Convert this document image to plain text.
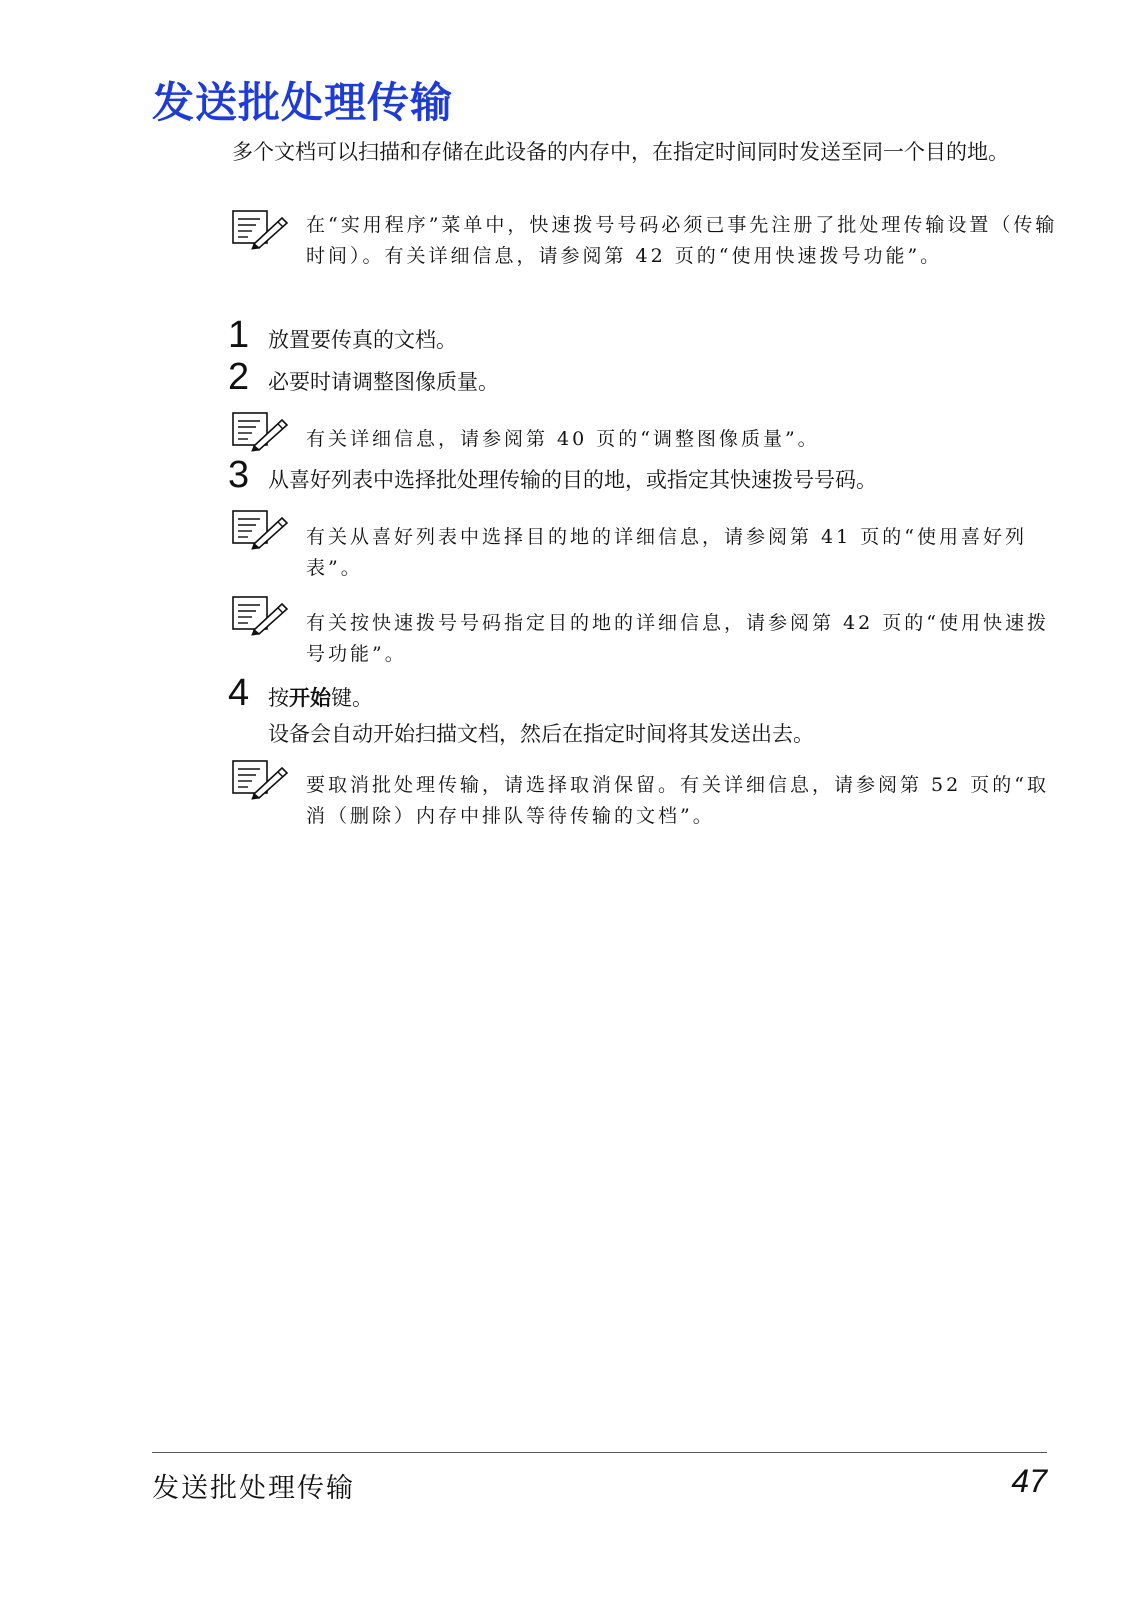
发送批处理传输
多个文档可以扫描和存储在此设备的内存中，在指定时间同时发送至同一个目的地。
在“实用程序”菜单中，快速拨号号码必须已事先注册了批处理传输设置（传输时间）。有关详细信息，请参阅第 42 页的“使用快速拨号功能”。
1 放置要传真的文档。
2 必要时请调整图像质量。
有关详细信息，请参阅第 40 页的“调整图像质量”。
3 从喜好列表中选择批处理传输的目的地，或指定其快速拨号号码。
有关从喜好列表中选择目的地的详细信息，请参阅第 41 页的“使用喜好列表”。
有关按快速拨号号码指定目的地的详细信息，请参阅第 42 页的“使用快速拨号功能”。
4 按开始键。
设备会自动开始扫描文档，然后在指定时间将其发送出去。
要取消批处理传输，请选择取消保留。有关详细信息，请参阅第 52 页的“取消（删除）内存中排队等待传输的文档”。
发送批处理传输	47
